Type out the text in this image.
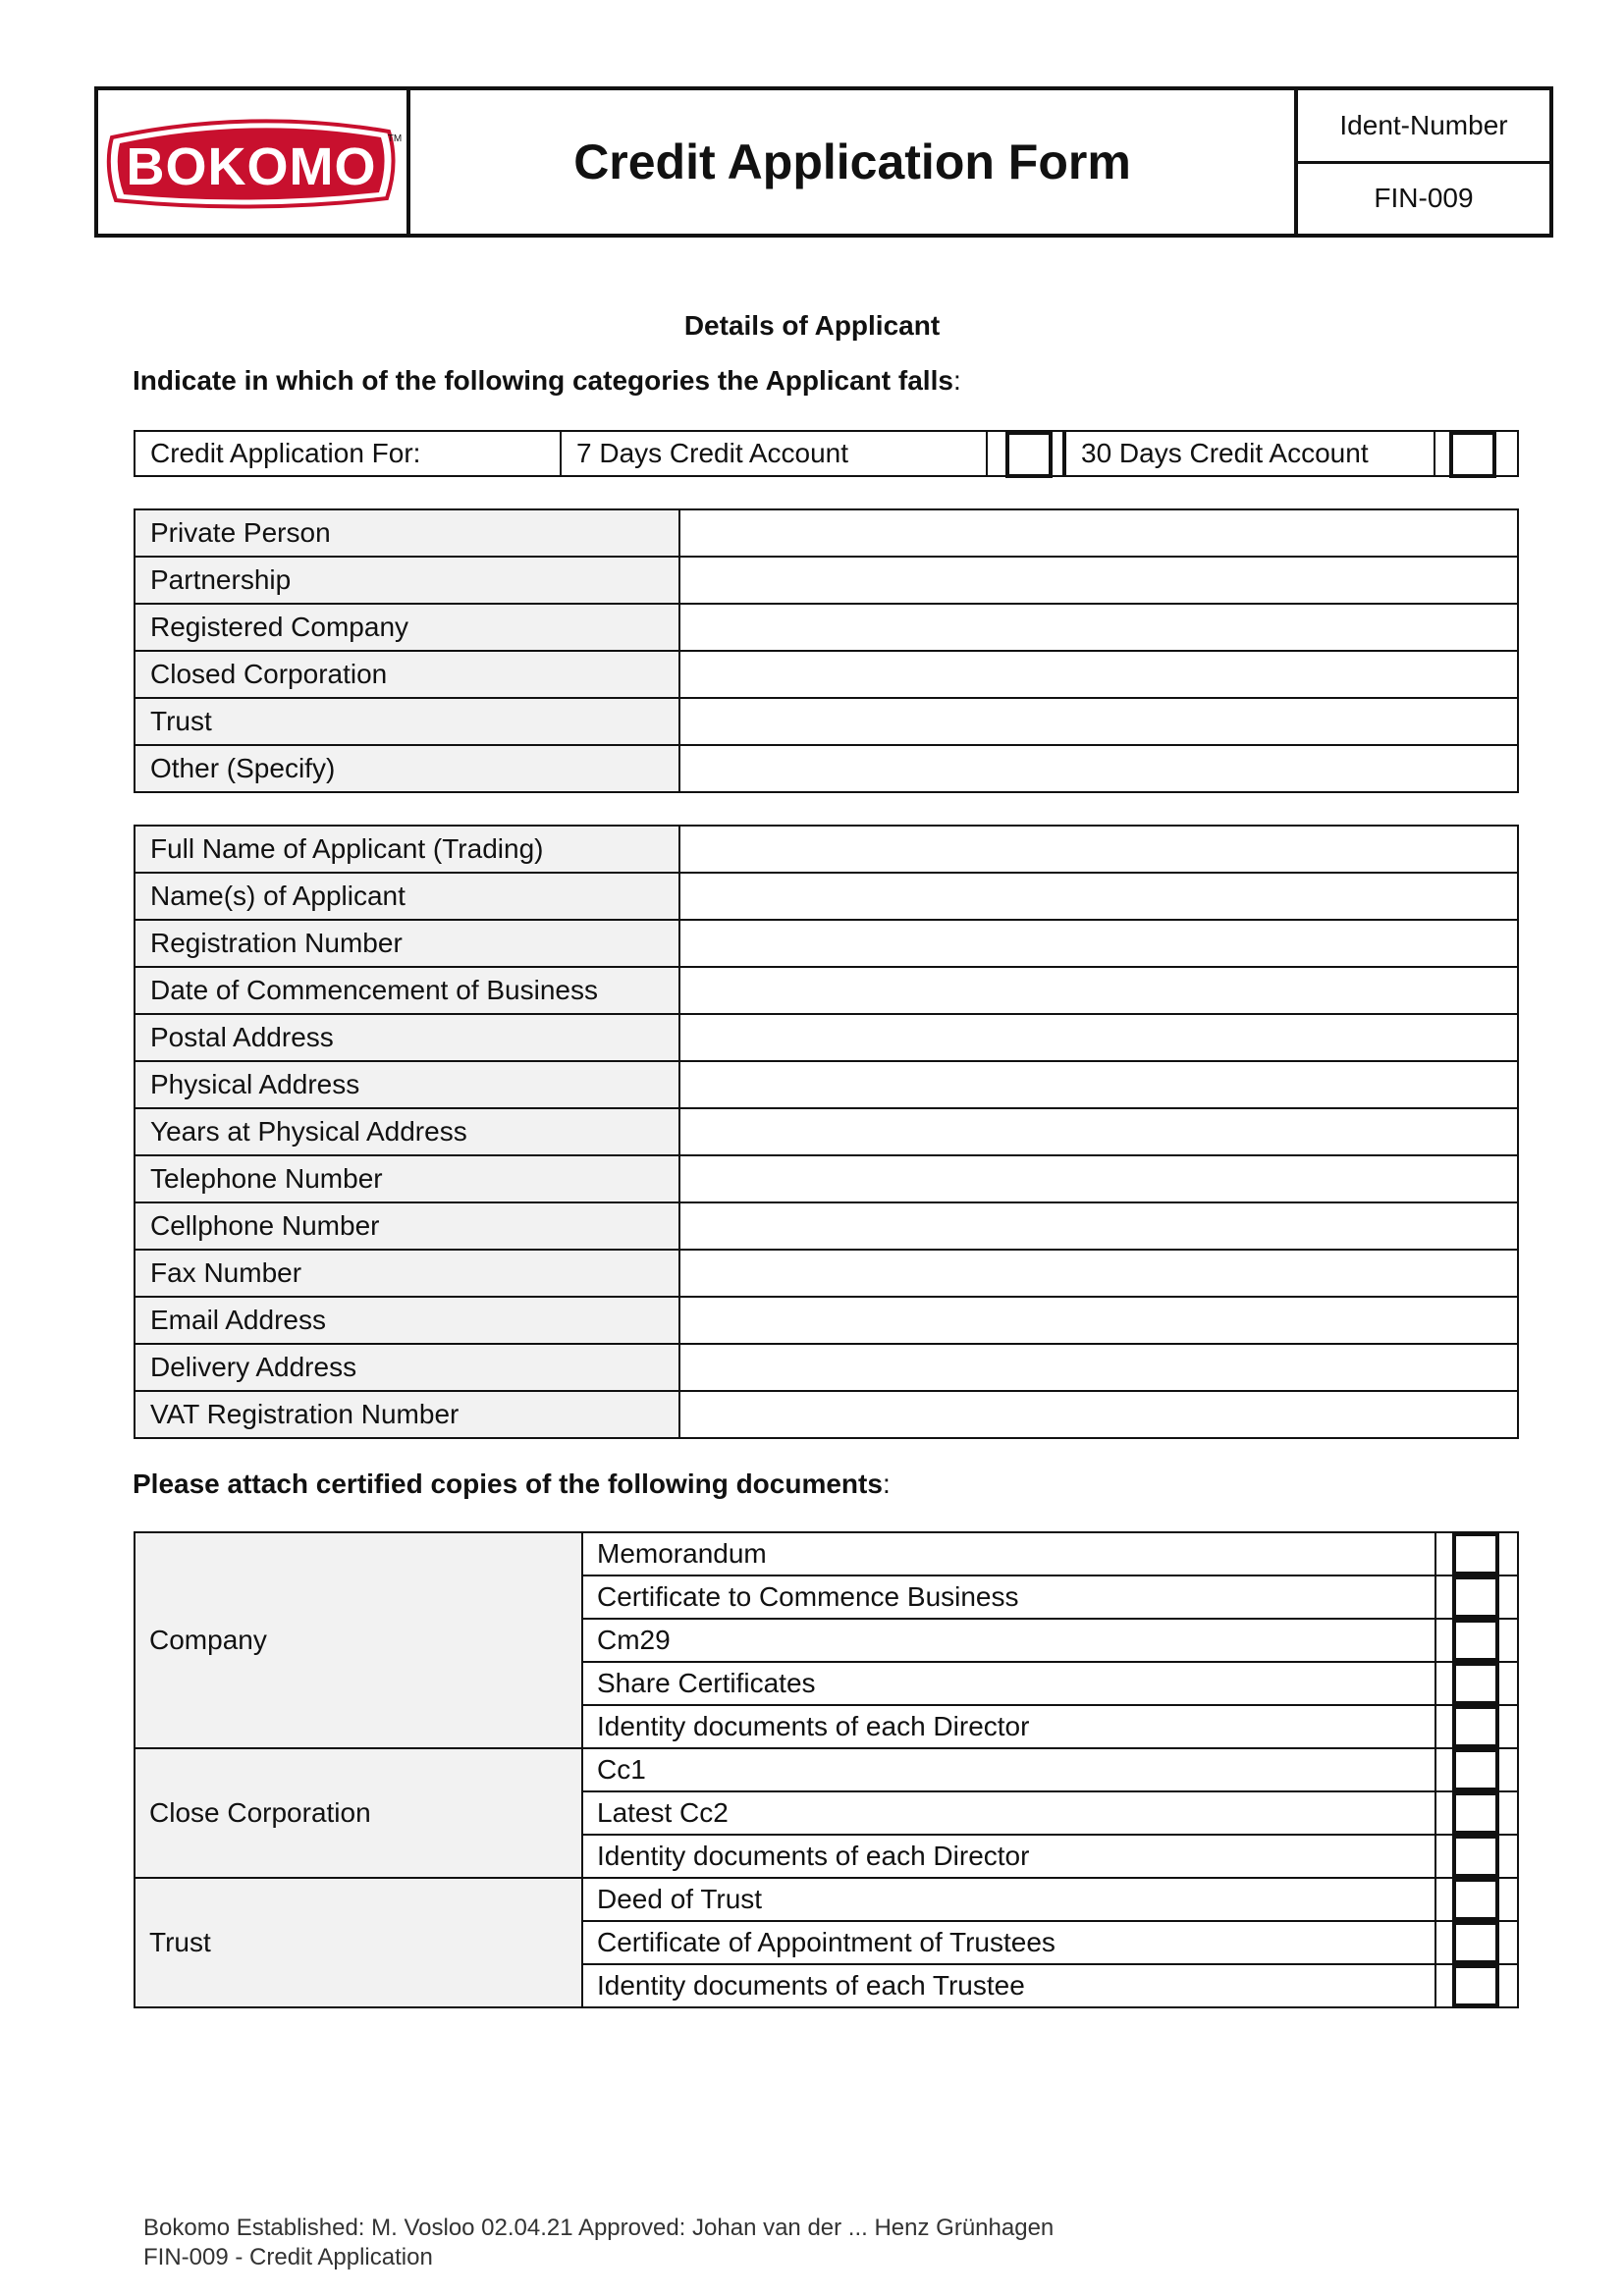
BOKOMO TM	Credit Application Form
Ident-Number
FIN-009
Details of Applicant
Indicate in which of the following categories the Applicant falls:
Credit Application For:	7 Days Credit Account	30 Days Credit Account
Private Person	
Partnership	
Registered Company	
Closed Corporation	
Trust	
Other (Specify)	
Full Name of Applicant (Trading)	
Name(s) of Applicant	
Registration Number	
Date of Commencement of Business	
Postal Address	
Physical Address	
Years at Physical Address	
Telephone Number	
Cellphone Number	
Fax Number	
Email Address	
Delivery Address	
VAT Registration Number	
Please attach certified copies of the following documents:
Company	Memorandum	

	Certificate to Commence Business	

	Cm29	

	Share Certificates	

	Identity documents of each Director	

Close Corporation	Cc1	

	Latest Cc2	

	Identity documents of each Director	

Trust	Deed of Trust	

	Certificate of Appointment of Trustees	

	Identity documents of each Trustee	
Bokomo Established: M. Vosloo 02.04.21 Approved: Johan van der ... Henz Grünhagen
FIN-009 - Credit Application
